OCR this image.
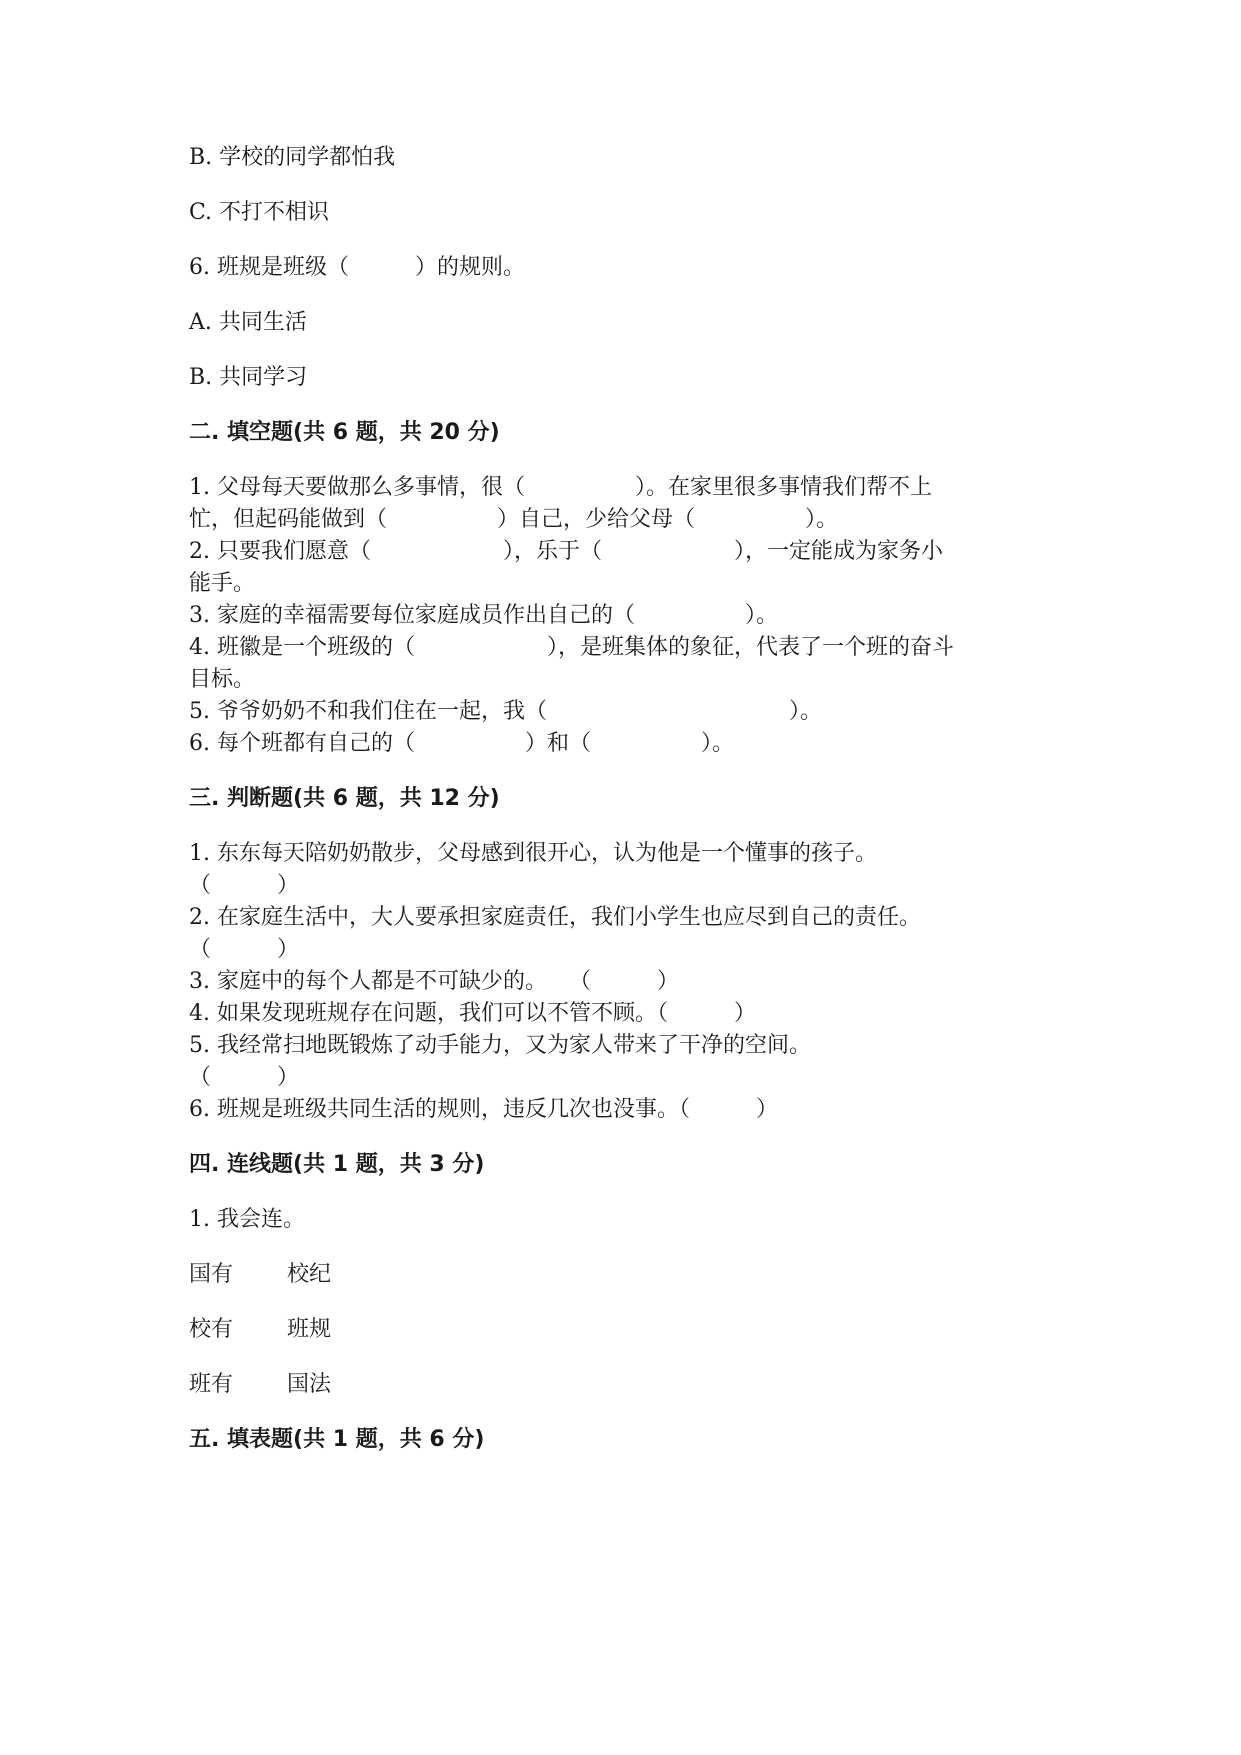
B. 学校的同学都怕我

C. 不打不相识

6. 班规是班级（　　　）的规则。

A. 共同生活

B. 共同学习

二. 填空题(共 6 题，共 20 分)

1. 父母每天要做那么多事情，很（　　　　　）。在家里很多事情我们帮不上

忙，但起码能做到（　　　　　）自己，少给父母（　　　　　）。

2. 只要我们愿意（　　　　　　），乐于（　　　　　　），一定能成为家务小

能手。

3. 家庭的幸福需要每位家庭成员作出自己的（　　　　　）。

4. 班徽是一个班级的（　　　　　　），是班集体的象征，代表了一个班的奋斗

目标。

5. 爷爷奶奶不和我们住在一起，我（　　　　　　　　　　　）。

6. 每个班都有自己的（　　　　　）和（　　　　　）。

三. 判断题(共 6 题，共 12 分)

1. 东东每天陪奶奶散步，父母感到很开心，认为他是一个懂事的孩子。

（　　　）

2. 在家庭生活中，大人要承担家庭责任，我们小学生也应尽到自己的责任。

（　　　）

3. 家庭中的每个人都是不可缺少的。　　（　　　）

4. 如果发现班规存在问题，我们可以不管不顾。（　　　）

5. 我经常扫地既锻炼了动手能力，又为家人带来了干净的空间。

（　　　）

6. 班规是班级共同生活的规则，违反几次也没事。（　　　）

四. 连线题(共 1 题，共 3 分)

1. 我会连。

国有	校纪
校有	班规
班有	国法

五. 填表题(共 1 题，共 6 分)
